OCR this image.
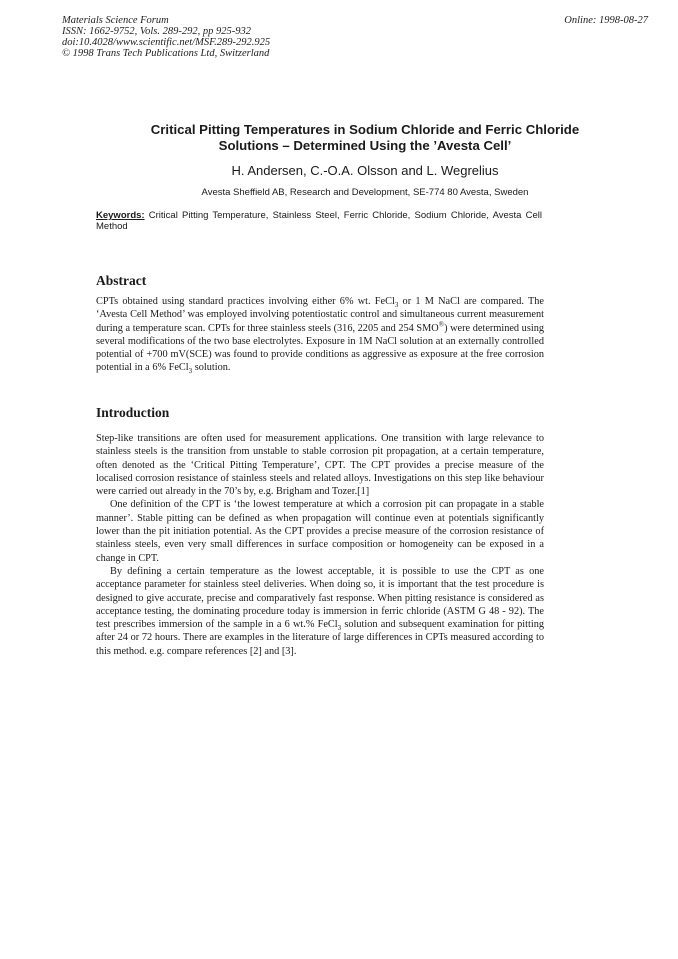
Materials Science Forum
ISSN: 1662-9752, Vols. 289-292, pp 925-932
doi:10.4028/www.scientific.net/MSF.289-292.925
© 1998 Trans Tech Publications Ltd, Switzerland
Online: 1998-08-27
Critical Pitting Temperatures in Sodium Chloride and Ferric Chloride
Solutions – Determined Using the ’Avesta Cell’
H. Andersen, C.-O.A. Olsson and L. Wegrelius
Avesta Sheffield AB, Research and Development, SE-774 80 Avesta, Sweden
Keywords: Critical Pitting Temperature, Stainless Steel, Ferric Chloride, Sodium Chloride, Avesta Cell Method
Abstract
CPTs obtained using standard practices involving either 6% wt. FeCl$_3$ or 1 M NaCl are compared. The ‘Avesta Cell Method’ was employed involving potentiostatic control and simultaneous current measurement during a temperature scan. CPTs for three stainless steels (316, 2205 and 254 SMO®) were determined using several modifications of the two base electrolytes. Exposure in 1M NaCl solution at an externally controlled potential of +700 mV(SCE) was found to provide conditions as aggressive as exposure at the free corrosion potential in a 6% FeCl$_3$ solution.
Introduction

Step-like transitions are often used for measurement applications. One transition with large relevance to stainless steels is the transition from unstable to stable corrosion pit propagation, at a certain temperature, often denoted as the ‘Critical Pitting Temperature’, CPT. The CPT provides a precise measure of the localised corrosion resistance of stainless steels and related alloys. Investigations on this step like behaviour were carried out already in the 70’s by, e.g. Brigham and Tozer.[1]

One definition of the CPT is ‘the lowest temperature at which a corrosion pit can propagate in a stable manner’. Stable pitting can be defined as when propagation will continue even at potentials significantly lower than the pit initiation potential. As the CPT provides a precise measure of the corrosion resistance of stainless steels, even very small differences in surface composition or homogeneity can be exposed in a change in CPT.

By defining a certain temperature as the lowest acceptable, it is possible to use the CPT as one acceptance parameter for stainless steel deliveries. When doing so, it is important that the test procedure is designed to give accurate, precise and comparatively fast response. When pitting resistance is considered as acceptance testing, the dominating procedure today is immersion in ferric chloride (ASTM G 48 - 92). The test prescribes immersion of the sample in a 6 wt.% FeCl$_3$ solution and subsequent examination for pitting after 24 or 72 hours. There are examples in the literature of large differences in CPTs measured according to this method. e.g. compare references [2] and [3].
